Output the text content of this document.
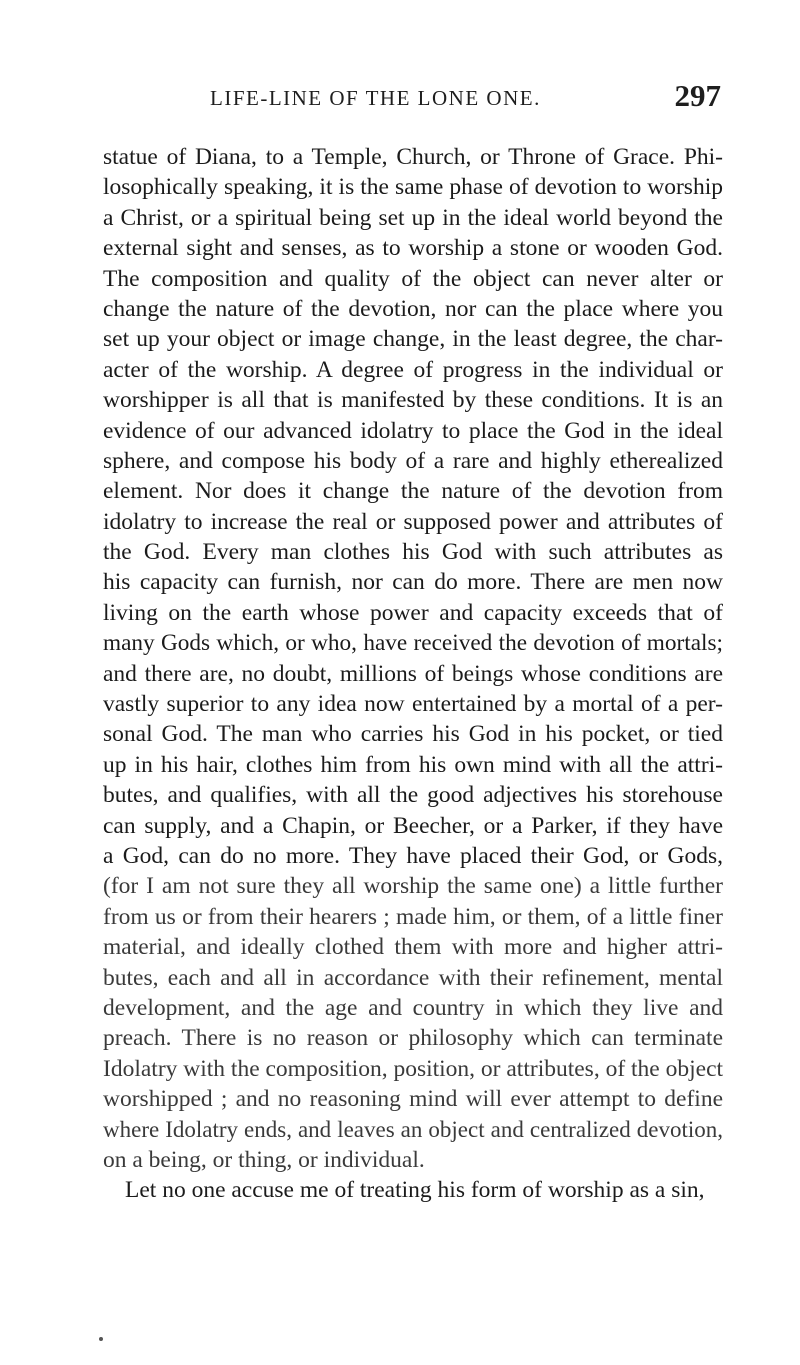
LIFE-LINE OF THE LONE ONE.	297
statue of Diana, to a Temple, Church, or Throne of Grace. Phi-
losophically speaking, it is the same phase of devotion to worship
a Christ, or a spiritual being set up in the ideal world beyond the
external sight and senses, as to worship a stone or wooden God.
The composition and quality of the object can never alter or
change the nature of the devotion, nor can the place where you
set up your object or image change, in the least degree, the char-
acter of the worship. A degree of progress in the individual or
worshipper is all that is manifested by these conditions. It is an
evidence of our advanced idolatry to place the God in the ideal
sphere, and compose his body of a rare and highly etherealized
element. Nor does it change the nature of the devotion from
idolatry to increase the real or supposed power and attributes of
the God. Every man clothes his God with such attributes as
his capacity can furnish, nor can do more. There are men now
living on the earth whose power and capacity exceeds that of
many Gods which, or who, have received the devotion of mortals;
and there are, no doubt, millions of beings whose conditions are
vastly superior to any idea now entertained by a mortal of a per-
sonal God. The man who carries his God in his pocket, or tied
up in his hair, clothes him from his own mind with all the attri-
butes, and qualifies, with all the good adjectives his storehouse
can supply, and a Chapin, or Beecher, or a Parker, if they have
a God, can do no more. They have placed their God, or Gods,
(for I am not sure they all worship the same one) a little further
from us or from their hearers ; made him, or them, of a little finer
material, and ideally clothed them with more and higher attri-
butes, each and all in accordance with their refinement, mental
development, and the age and country in which they live and
preach. There is no reason or philosophy which can terminate
Idolatry with the composition, position, or attributes, of the object
worshipped ; and no reasoning mind will ever attempt to define
where Idolatry ends, and leaves an object and centralized devotion,
on a being, or thing, or individual.
Let no one accuse me of treating his form of worship as a sin,
